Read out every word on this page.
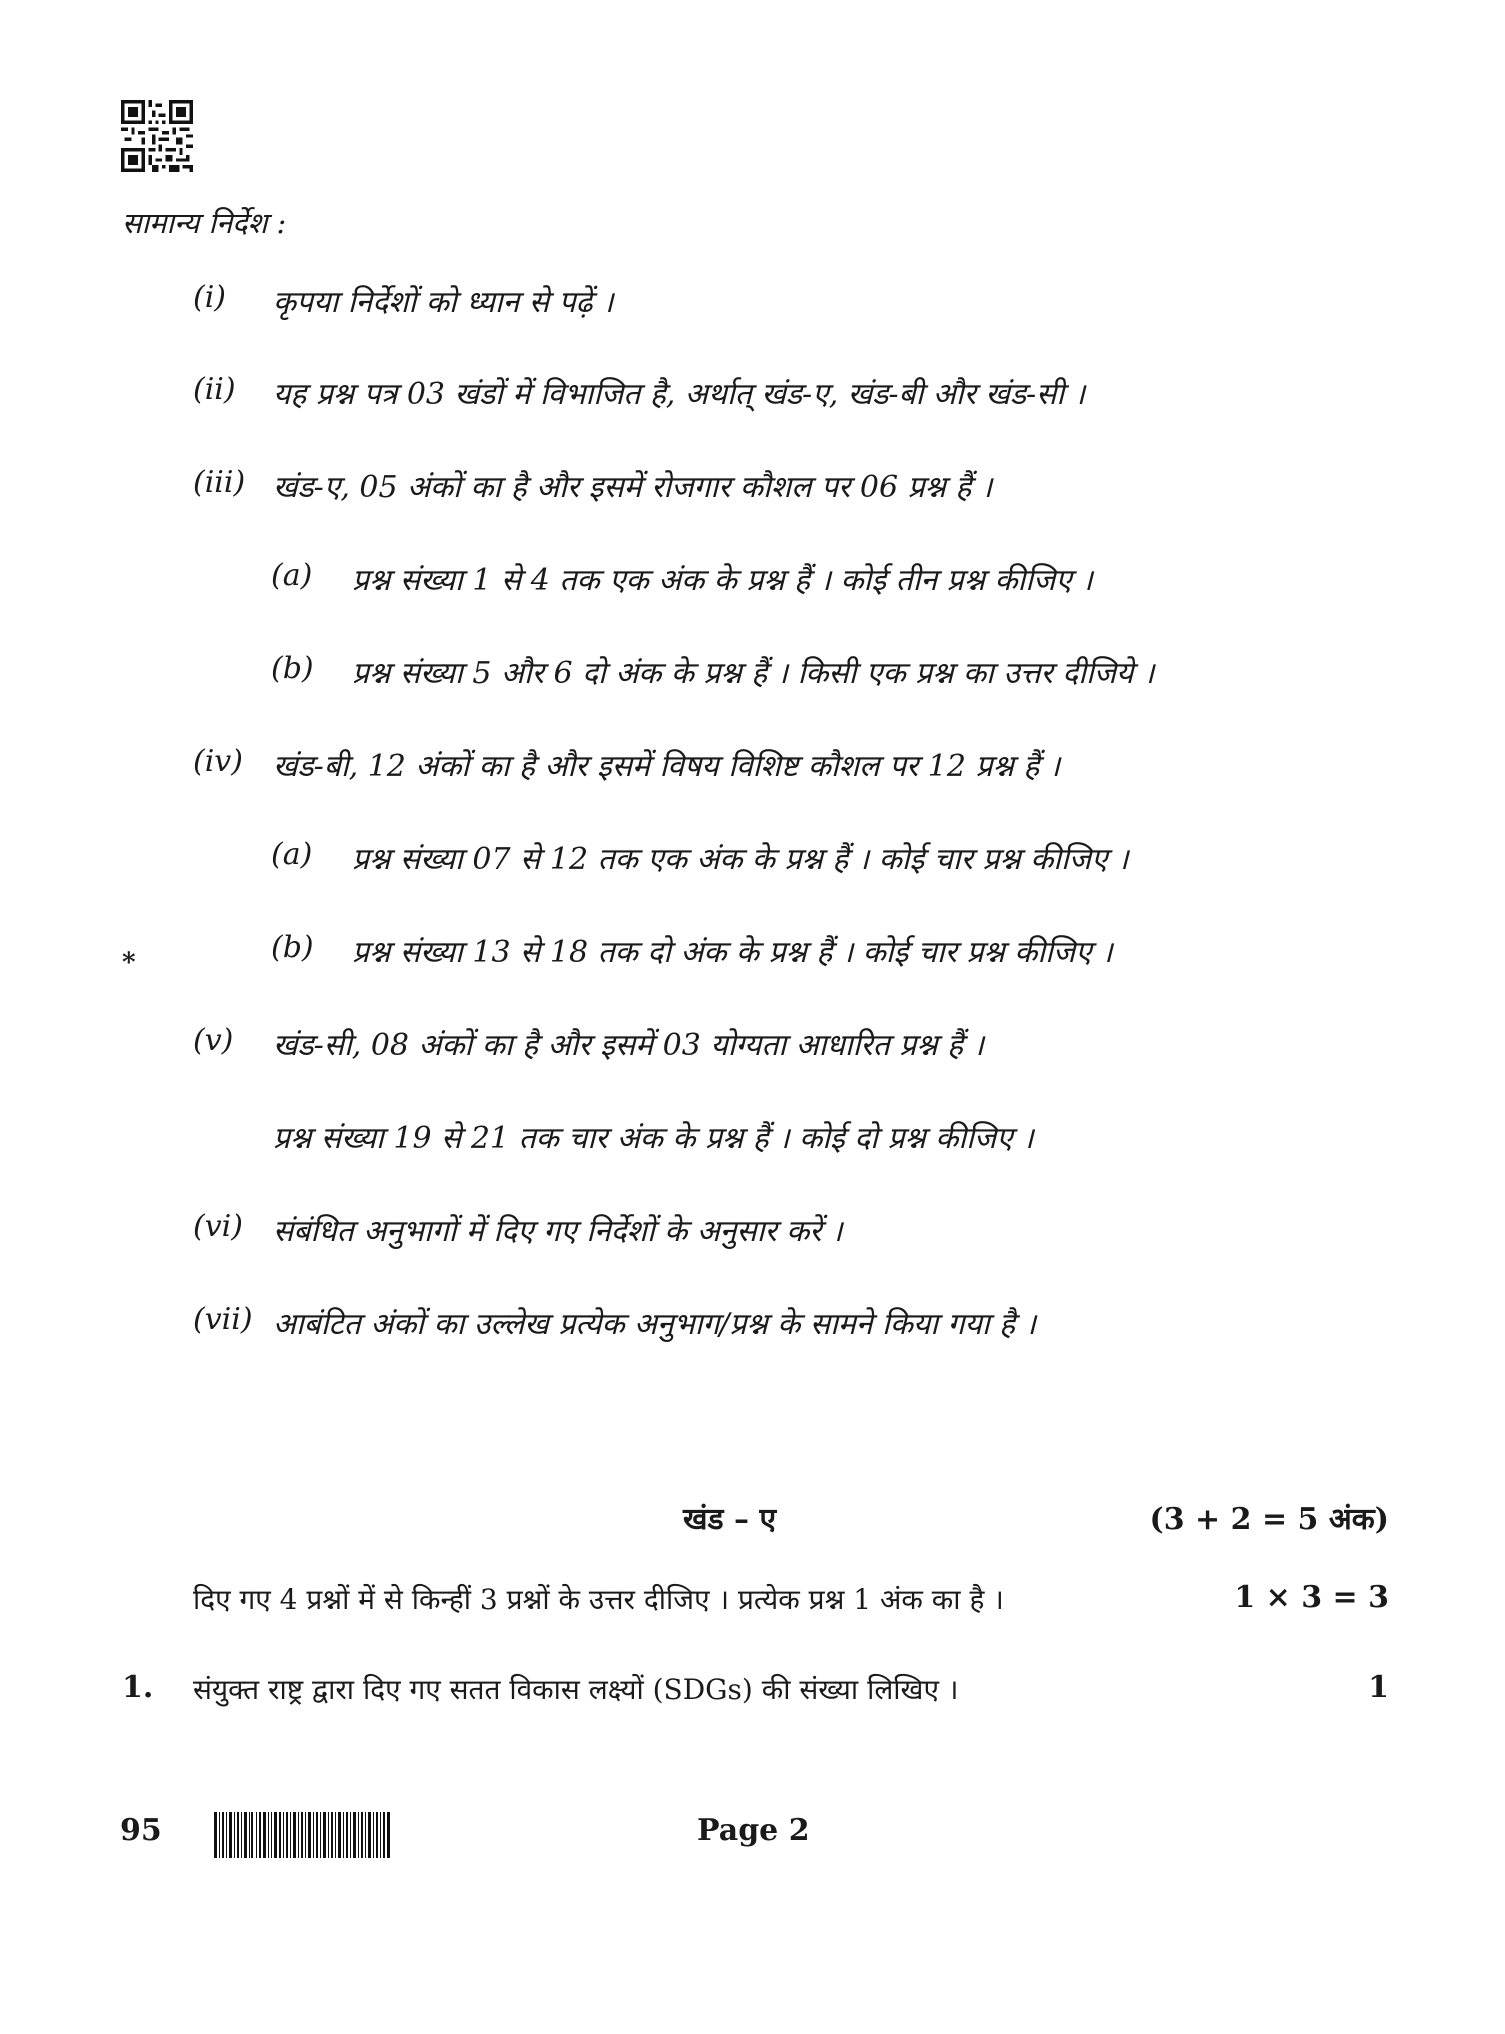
सामान्य निर्देश :
(i) कृपया निर्देशों को ध्यान से पढ़ें ।
(ii) यह प्रश्न पत्र 03 खंडों में विभाजित है, अर्थात् खंड-ए, खंड-बी और खंड-सी ।
(iii) खंड-ए, 05 अंकों का है और इसमें रोजगार कौशल पर 06 प्रश्न हैं ।
(a) प्रश्न संख्या 1 से 4 तक एक अंक के प्रश्न हैं । कोई तीन प्रश्न कीजिए ।
(b) प्रश्न संख्या 5 और 6 दो अंक के प्रश्न हैं । किसी एक प्रश्न का उत्तर दीजिये ।
(iv) खंड-बी, 12 अंकों का है और इसमें विषय विशिष्ट कौशल पर 12 प्रश्न हैं ।
(a) प्रश्न संख्या 07 से 12 तक एक अंक के प्रश्न हैं । कोई चार प्रश्न कीजिए ।
(b) प्रश्न संख्या 13 से 18 तक दो अंक के प्रश्न हैं । कोई चार प्रश्न कीजिए ।
(v) खंड-सी, 08 अंकों का है और इसमें 03 योग्यता आधारित प्रश्न हैं ।
प्रश्न संख्या 19 से 21 तक चार अंक के प्रश्न हैं । कोई दो प्रश्न कीजिए ।
(vi) संबंधित अनुभागों में दिए गए निर्देशों के अनुसार करें ।
(vii) आबंटित अंकों का उल्लेख प्रत्येक अनुभाग/प्रश्न के सामने किया गया है ।
*
खंड – ए	(3 + 2 = 5 अंक)
दिए गए 4 प्रश्नों में से किन्हीं 3 प्रश्नों के उत्तर दीजिए । प्रत्येक प्रश्न 1 अंक का है ।	1 × 3 = 3
1. संयुक्त राष्ट्र द्वारा दिए गए सतत विकास लक्ष्यों (SDGs) की संख्या लिखिए ।	1
95	Page 2
